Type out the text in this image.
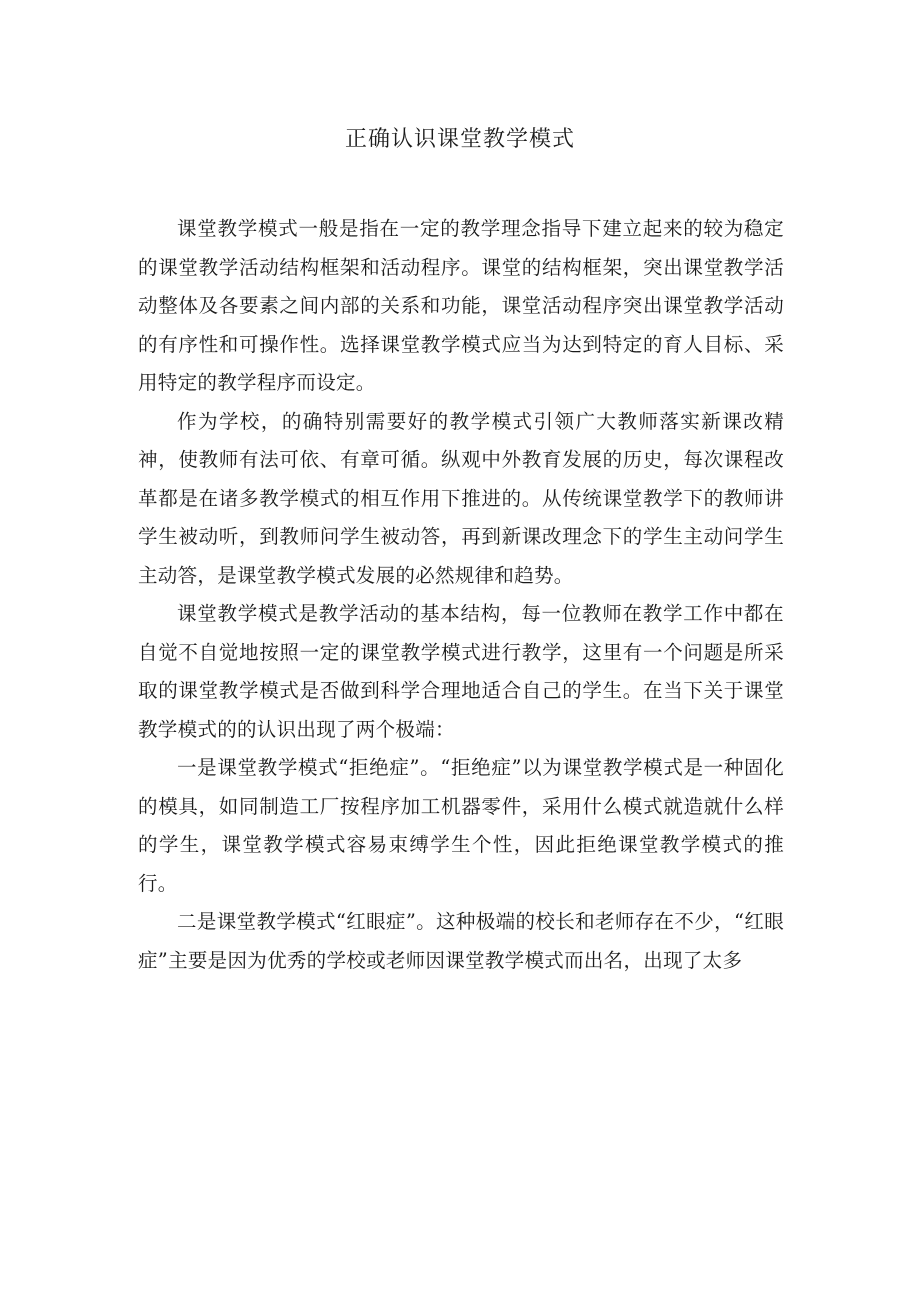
正确认识课堂教学模式

课堂教学模式一般是指在一定的教学理念指导下建立起来的较为稳定的课堂教学活动结构框架和活动程序。课堂的结构框架，突出课堂教学活动整体及各要素之间内部的关系和功能，课堂活动程序突出课堂教学活动的有序性和可操作性。选择课堂教学模式应当为达到特定的育人目标、采用特定的教学程序而设定。

作为学校，的确特别需要好的教学模式引领广大教师落实新课改精神，使教师有法可依、有章可循。纵观中外教育发展的历史，每次课程改革都是在诸多教学模式的相互作用下推进的。从传统课堂教学下的教师讲学生被动听，到教师问学生被动答，再到新课改理念下的学生主动问学生主动答，是课堂教学模式发展的必然规律和趋势。

课堂教学模式是教学活动的基本结构，每一位教师在教学工作中都在自觉不自觉地按照一定的课堂教学模式进行教学，这里有一个问题是所采取的课堂教学模式是否做到科学合理地适合自己的学生。在当下关于课堂教学模式的的认识出现了两个极端：

一是课堂教学模式“拒绝症”。“拒绝症”以为课堂教学模式是一种固化的模具，如同制造工厂按程序加工机器零件，采用什么模式就造就什么样的学生，课堂教学模式容易束缚学生个性，因此拒绝课堂教学模式的推行。

二是课堂教学模式“红眼症”。这种极端的校长和老师存在不少，“红眼症”主要是因为优秀的学校或老师因课堂教学模式而出名，出现了太多
